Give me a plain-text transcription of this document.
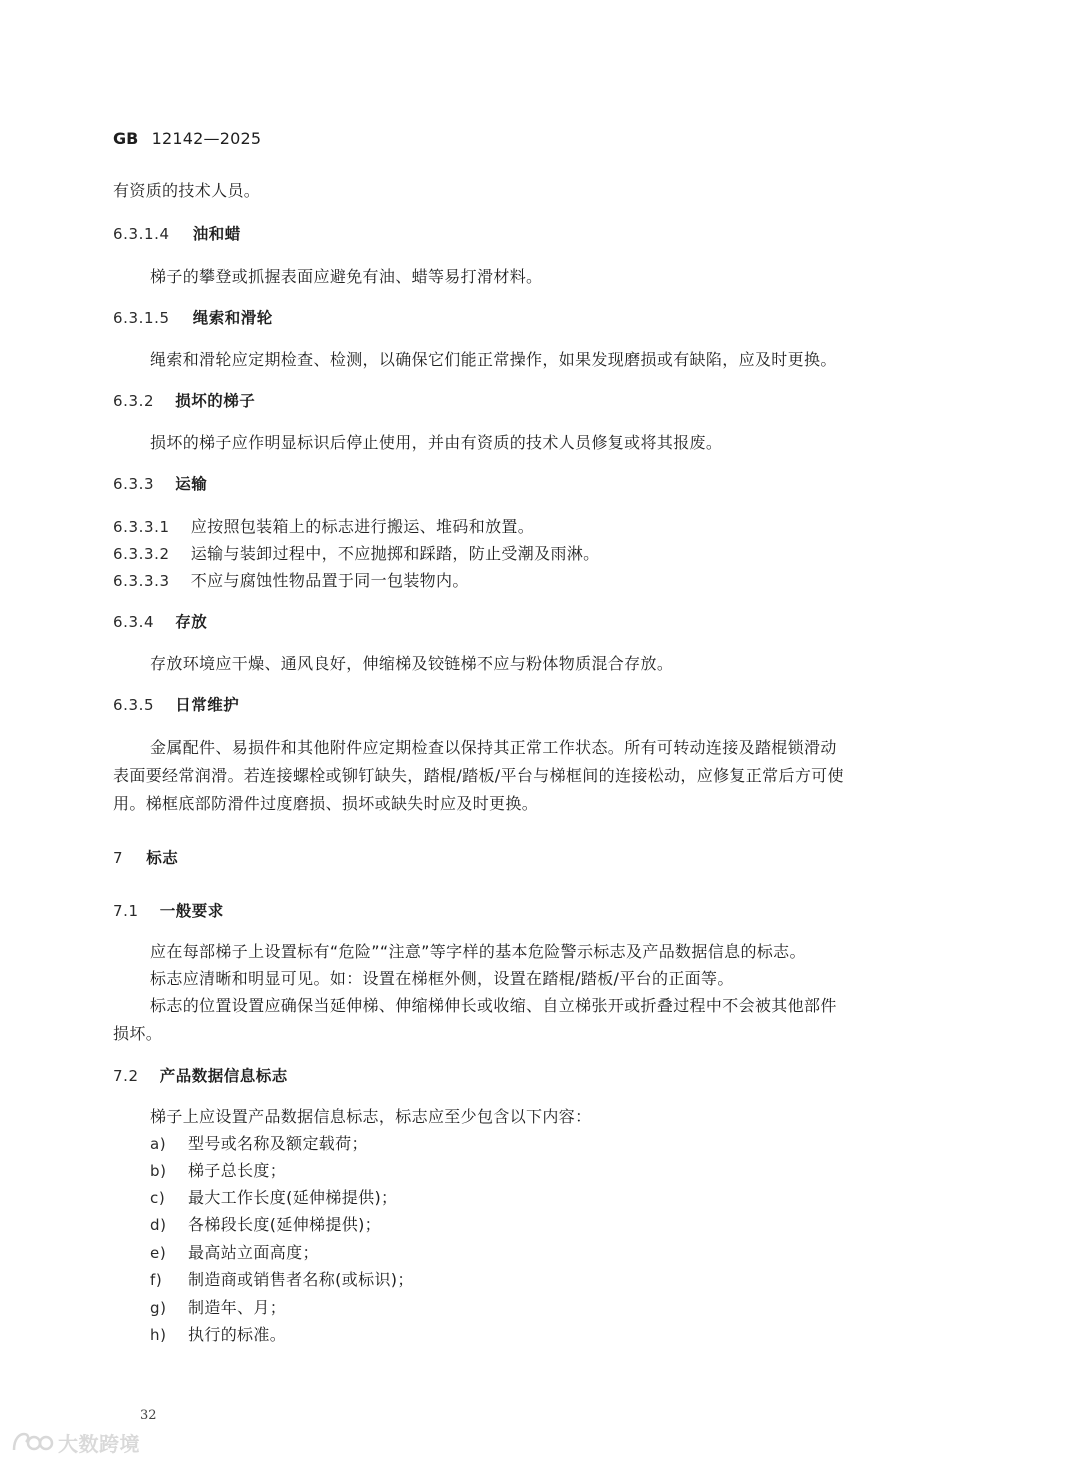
GB 12142—2025
有资质的技术人员。
6.3.1.4 油和蜡
梯子的攀登或抓握表面应避免有油、蜡等易打滑材料。
6.3.1.5 绳索和滑轮
绳索和滑轮应定期检查、检测，以确保它们能正常操作，如果发现磨损或有缺陷，应及时更换。
6.3.2 损坏的梯子
损坏的梯子应作明显标识后停止使用，并由有资质的技术人员修复或将其报废。
6.3.3 运输
6.3.3.1 应按照包装箱上的标志进行搬运、堆码和放置。
6.3.3.2 运输与装卸过程中，不应抛掷和踩踏，防止受潮及雨淋。
6.3.3.3 不应与腐蚀性物品置于同一包装物内。
6.3.4 存放
存放环境应干燥、通风良好，伸缩梯及铰链梯不应与粉体物质混合存放。
6.3.5 日常维护
金属配件、易损件和其他附件应定期检查以保持其正常工作状态。所有可转动连接及踏棍锁滑动
表面要经常润滑。若连接螺栓或铆钉缺失，踏棍/踏板/平台与梯框间的连接松动，应修复正常后方可使
用。梯框底部防滑件过度磨损、损坏或缺失时应及时更换。
7 标志
7.1 一般要求
应在每部梯子上设置标有“危险”“注意”等字样的基本危险警示标志及产品数据信息的标志。
标志应清晰和明显可见。如：设置在梯框外侧，设置在踏棍/踏板/平台的正面等。
标志的位置设置应确保当延伸梯、伸缩梯伸长或收缩、自立梯张开或折叠过程中不会被其他部件
损坏。
7.2 产品数据信息标志
梯子上应设置产品数据信息标志，标志应至少包含以下内容：
a) 型号或名称及额定载荷；
b) 梯子总长度；
c) 最大工作长度(延伸梯提供)；
d) 各梯段长度(延伸梯提供)；
e) 最高站立面高度；
f) 制造商或销售者名称(或标识)；
g) 制造年、月；
h) 执行的标准。
32
大数跨境
